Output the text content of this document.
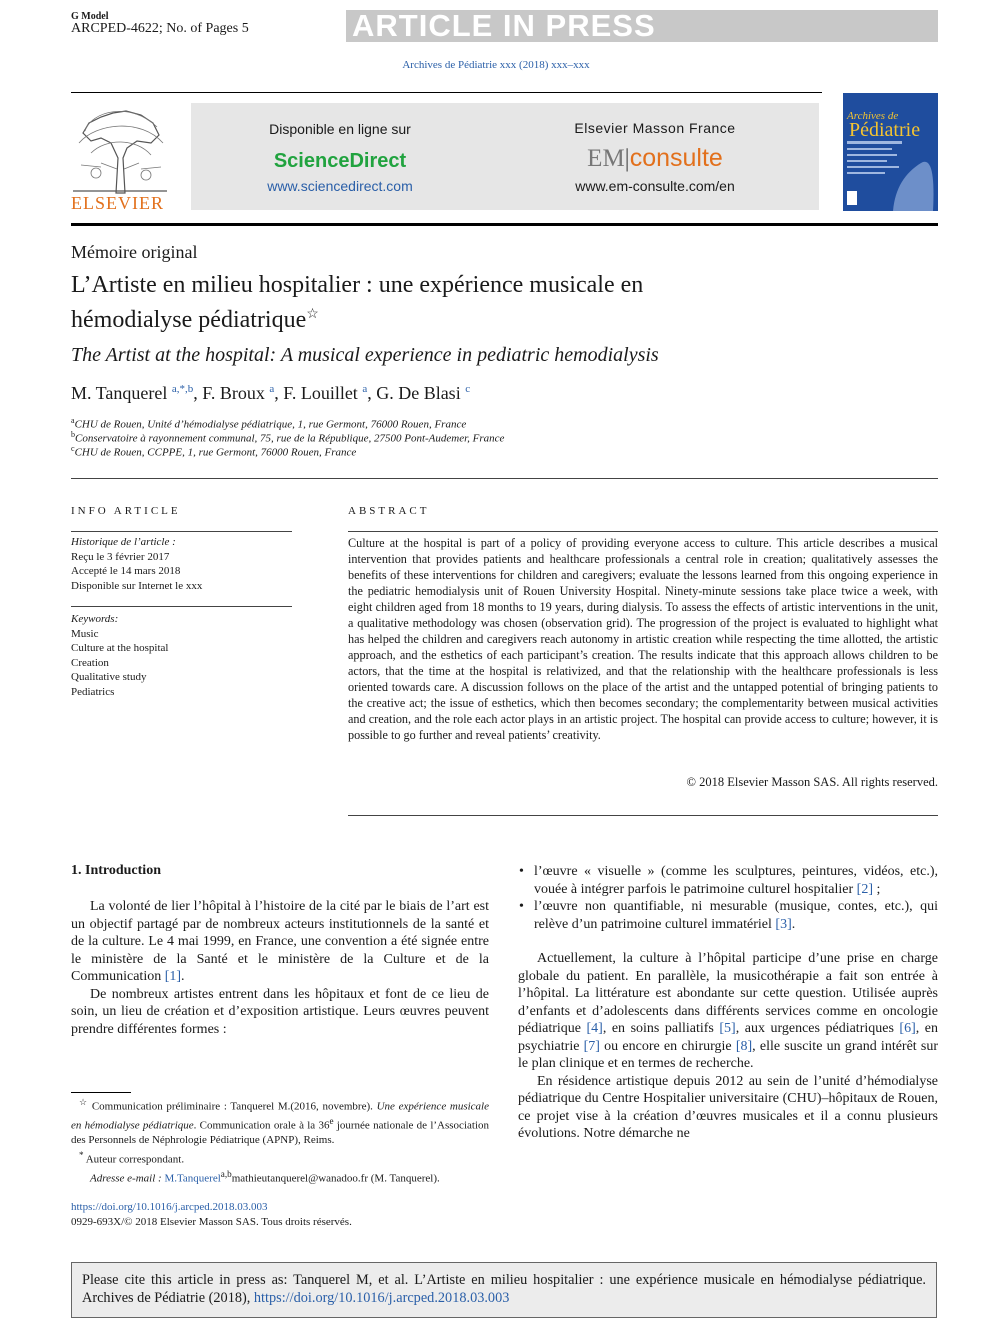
G Model
ARCPED-4622; No. of Pages 5	ARTICLE IN PRESS
Archives de Pédiatrie xxx (2018) xxx–xxx
ELSEVIER
Disponible en ligne sur
ScienceDirect
www.sciencedirect.com
Elsevier Masson France
EM|consulte
www.em-consulte.com/en
Archives de
Pédiatrie
Mémoire original
L’Artiste en milieu hospitalier : une expérience musicale en
hémodialyse pédiatrique☆
The Artist at the hospital: A musical experience in pediatric hemodialysis
M. Tanquerel $^{a,*,b}$, F. Broux $^a$, F. Louillet $^a$, G. De Blasi $^c$
$^a$CHU de Rouen, Unité d’hémodialyse pédiatrique, 1, rue Germont, 76000 Rouen, France
$^b$Conservatoire à rayonnement communal, 75, rue de la République, 27500 Pont-Audemer, France
$^c$CHU de Rouen, CCPPE, 1, rue Germont, 76000 Rouen, France
INFO ARTICLE
Historique de l’article :
Reçu le 3 février 2017
Accepté le 14 mars 2018
Disponible sur Internet le xxx
Keywords:
Music
Culture at the hospital
Creation
Qualitative study
Pediatrics
ABSTRACT
Culture at the hospital is part of a policy of providing everyone access to culture. This article describes a musical intervention that provides patients and healthcare professionals a central role in creation; qualitatively assesses the benefits of these interventions for children and caregivers; evaluate the lessons learned from this ongoing experience in the pediatric hemodialysis unit of Rouen University Hospital. Ninety-minute sessions take place twice a week, with eight children aged from 18 months to 19 years, during dialysis. To assess the effects of artistic interventions in the unit, a qualitative methodology was chosen (observation grid). The progression of the project is evaluated to highlight what has helped the children and caregivers reach autonomy in artistic creation while respecting the time allotted, the artistic approach, and the esthetics of each participant’s creation. The results indicate that this approach allows children to be actors, that the time at the hospital is relativized, and that the relationship with the healthcare professionals is less oriented towards care. A discussion follows on the place of the artist and the untapped potential of bringing patients to the creative act; the issue of esthetics, which then becomes secondary; the complementarity between musical activities and creation, and the role each actor plays in an artistic project. The hospital can provide access to culture; however, it is possible to go further and reveal patients’ creativity.
© 2018 Elsevier Masson SAS. All rights reserved.
1. Introduction

La volonté de lier l’hôpital à l’histoire de la cité par le biais de l’art est un objectif partagé par de nombreux acteurs institutionnels de la santé et de la culture. Le 4 mai 1999, en France, une convention a été signée entre le ministère de la Santé et le ministère de la Culture et de la Communication [1].

De nombreux artistes entrent dans les hôpitaux et font de ce lieu de soin, un lieu de création et d’exposition artistique. Leurs œuvres peuvent prendre différentes formes :

☆ Communication préliminaire : Tanquerel M.(2016, novembre). Une expérience musicale en hémodialyse pédiatrique. Communication orale à la 36e journée nationale de l’Association des Personnels de Néphrologie Pédiatrique (APNP), Reims.
* Auteur correspondant.
Adresse e-mail : M.Tanquerel$^{a,b}$mathieutanquerel@wanadoo.fr (M. Tanquerel).
https://doi.org/10.1016/j.arcped.2018.03.003
0929-693X/© 2018 Elsevier Masson SAS. Tous droits réservés.
• l’œuvre « visuelle » (comme les sculptures, peintures, vidéos, etc.), vouée à intégrer parfois le patrimoine culturel hospitalier [2] ;
• l’œuvre non quantifiable, ni mesurable (musique, contes, etc.), qui relève d’un patrimoine culturel immatériel [3].

Actuellement, la culture à l’hôpital participe d’une prise en charge globale du patient. En parallèle, la musicothérapie a fait son entrée à l’hôpital. La littérature est abondante sur cette question. Utilisée auprès d’enfants et d’adolescents dans différents services comme en oncologie pédiatrique [4], en soins palliatifs [5], aux urgences pédiatriques [6], en psychiatrie [7] ou encore en chirurgie [8], elle suscite un grand intérêt sur le plan clinique et en termes de recherche.

En résidence artistique depuis 2012 au sein de l’unité d’hémodialyse pédiatrique du Centre Hospitalier universitaire (CHU)–hôpitaux de Rouen, ce projet vise à la création d’œuvres musicales et il a connu plusieurs évolutions. Notre démarche ne

Please cite this article in press as: Tanquerel M, et al. L’Artiste en milieu hospitalier : une expérience musicale en hémodialyse pédiatrique. Archives de Pédiatrie (2018), https://doi.org/10.1016/j.arcped.2018.03.003
